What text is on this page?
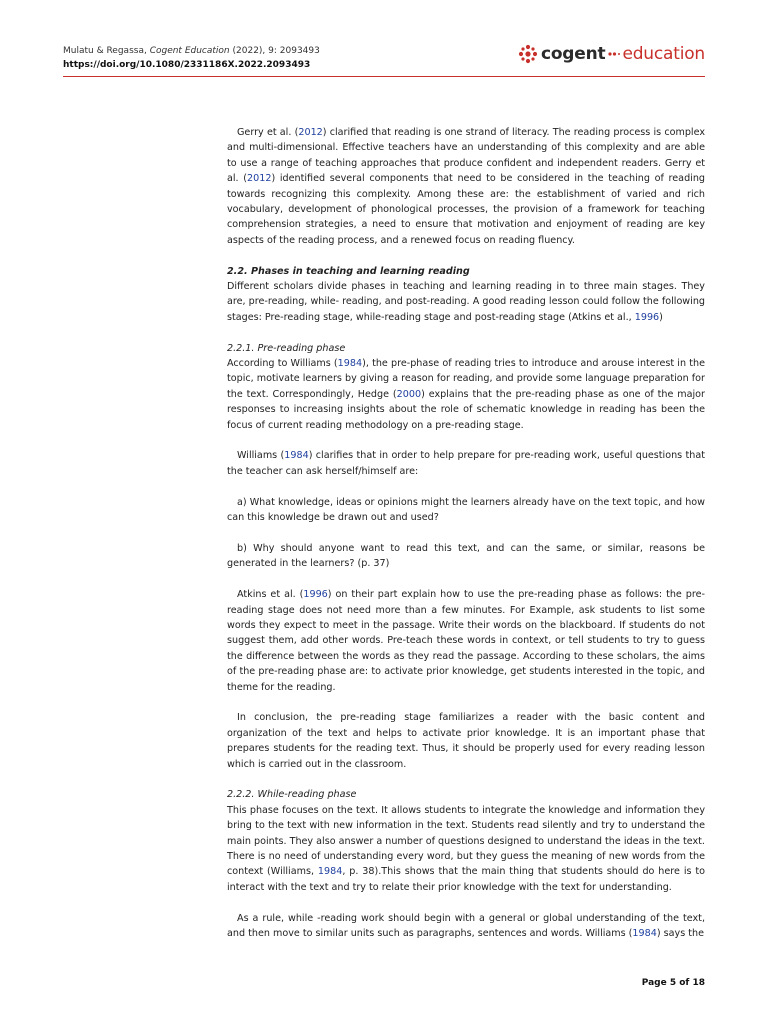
Mulatu & Regassa, Cogent Education (2022), 9: 2093493
https://doi.org/10.1080/2331186X.2022.2093493
cogent education

Gerry et al. (2012) clarified that reading is one strand of literacy. The reading process is complex and multi-dimensional. Effective teachers have an understanding of this complexity and are able to use a range of teaching approaches that produce confident and independent readers. Gerry et al. (2012) identified several components that need to be considered in the teaching of reading towards recognizing this complexity. Among these are: the establishment of varied and rich vocabulary, development of phonological processes, the provision of a framework for teaching comprehension strategies, a need to ensure that motivation and enjoyment of reading are key aspects of the reading process, and a renewed focus on reading fluency.

2.2. Phases in teaching and learning reading

Different scholars divide phases in teaching and learning reading in to three main stages. They are, pre-reading, while- reading, and post-reading. A good reading lesson could follow the following stages: Pre-reading stage, while-reading stage and post-reading stage (Atkins et al., 1996)

2.2.1. Pre-reading phase

According to Williams (1984), the pre-phase of reading tries to introduce and arouse interest in the topic, motivate learners by giving a reason for reading, and provide some language preparation for the text. Correspondingly, Hedge (2000) explains that the pre-reading phase as one of the major responses to increasing insights about the role of schematic knowledge in reading has been the focus of current reading methodology on a pre-reading stage.

Williams (1984) clarifies that in order to help prepare for pre-reading work, useful questions that the teacher can ask herself/himself are:

a) What knowledge, ideas or opinions might the learners already have on the text topic, and how can this knowledge be drawn out and used?

b) Why should anyone want to read this text, and can the same, or similar, reasons be generated in the learners? (p. 37)

Atkins et al. (1996) on their part explain how to use the pre-reading phase as follows: the pre-reading stage does not need more than a few minutes. For Example, ask students to list some words they expect to meet in the passage. Write their words on the blackboard. If students do not suggest them, add other words. Pre-teach these words in context, or tell students to try to guess the difference between the words as they read the passage. According to these scholars, the aims of the pre-reading phase are: to activate prior knowledge, get students interested in the topic, and theme for the reading.

In conclusion, the pre-reading stage familiarizes a reader with the basic content and organization of the text and helps to activate prior knowledge. It is an important phase that prepares students for the reading text. Thus, it should be properly used for every reading lesson which is carried out in the classroom.

2.2.2. While-reading phase

This phase focuses on the text. It allows students to integrate the knowledge and information they bring to the text with new information in the text. Students read silently and try to understand the main points. They also answer a number of questions designed to understand the ideas in the text. There is no need of understanding every word, but they guess the meaning of new words from the context (Williams, 1984, p. 38).This shows that the main thing that students should do here is to interact with the text and try to relate their prior knowledge with the text for understanding.

As a rule, while -reading work should begin with a general or global understanding of the text, and then move to similar units such as paragraphs, sentences and words. Williams (1984) says the

Page 5 of 18
